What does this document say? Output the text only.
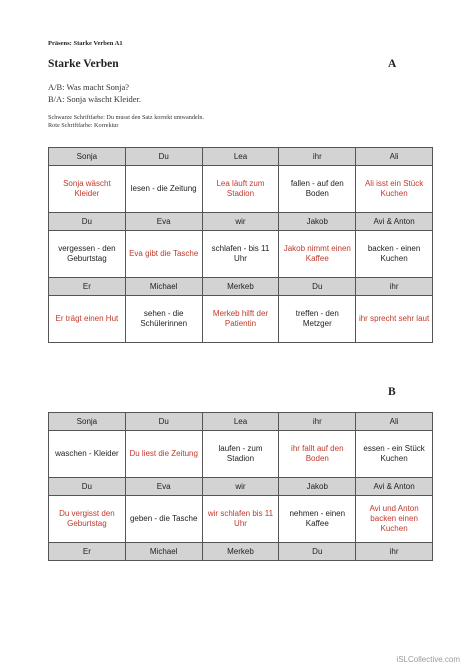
Präsens: Starke Verben A1
Starke Verben	A
A/B: Was macht Sonja?
B/A: Sonja wäscht Kleider.
Schwarze Schriftfarbe: Du musst den Satz korrekt umwandeln.
Rote Schriftfarbe: Korrektur
Sonja	Du	Lea	ihr	Ali
Sonja wäscht Kleider	lesen - die Zeitung	Lea läuft zum Stadion	fallen - auf den Boden	Ali isst ein Stück Kuchen
Du	Eva	wir	Jakob	Avi & Anton
vergessen - den Geburtstag	Eva gibt die Tasche	schlafen - bis 11 Uhr	Jakob nimmt einen Kaffee	backen - einen Kuchen
Er	Michael	Merkeb	Du	ihr
Er trägt einen Hut	sehen - die Schülerinnen	Merkeb hilft der Patientin	treffen - den Metzger	ihr sprecht sehr laut
B
Sonja	Du	Lea	ihr	Ali
waschen - Kleider	Du liest die Zeitung	laufen - zum Stadion	ihr fallt auf den Boden	essen - ein Stück Kuchen
Du	Eva	wir	Jakob	Avi & Anton
Du vergisst den Geburtstag	geben - die Tasche	wir schlafen bis 11 Uhr	nehmen - einen Kaffee	Avi und Anton backen einen Kuchen
Er	Michael	Merkeb	Du	ihr
iSLCollective.com
